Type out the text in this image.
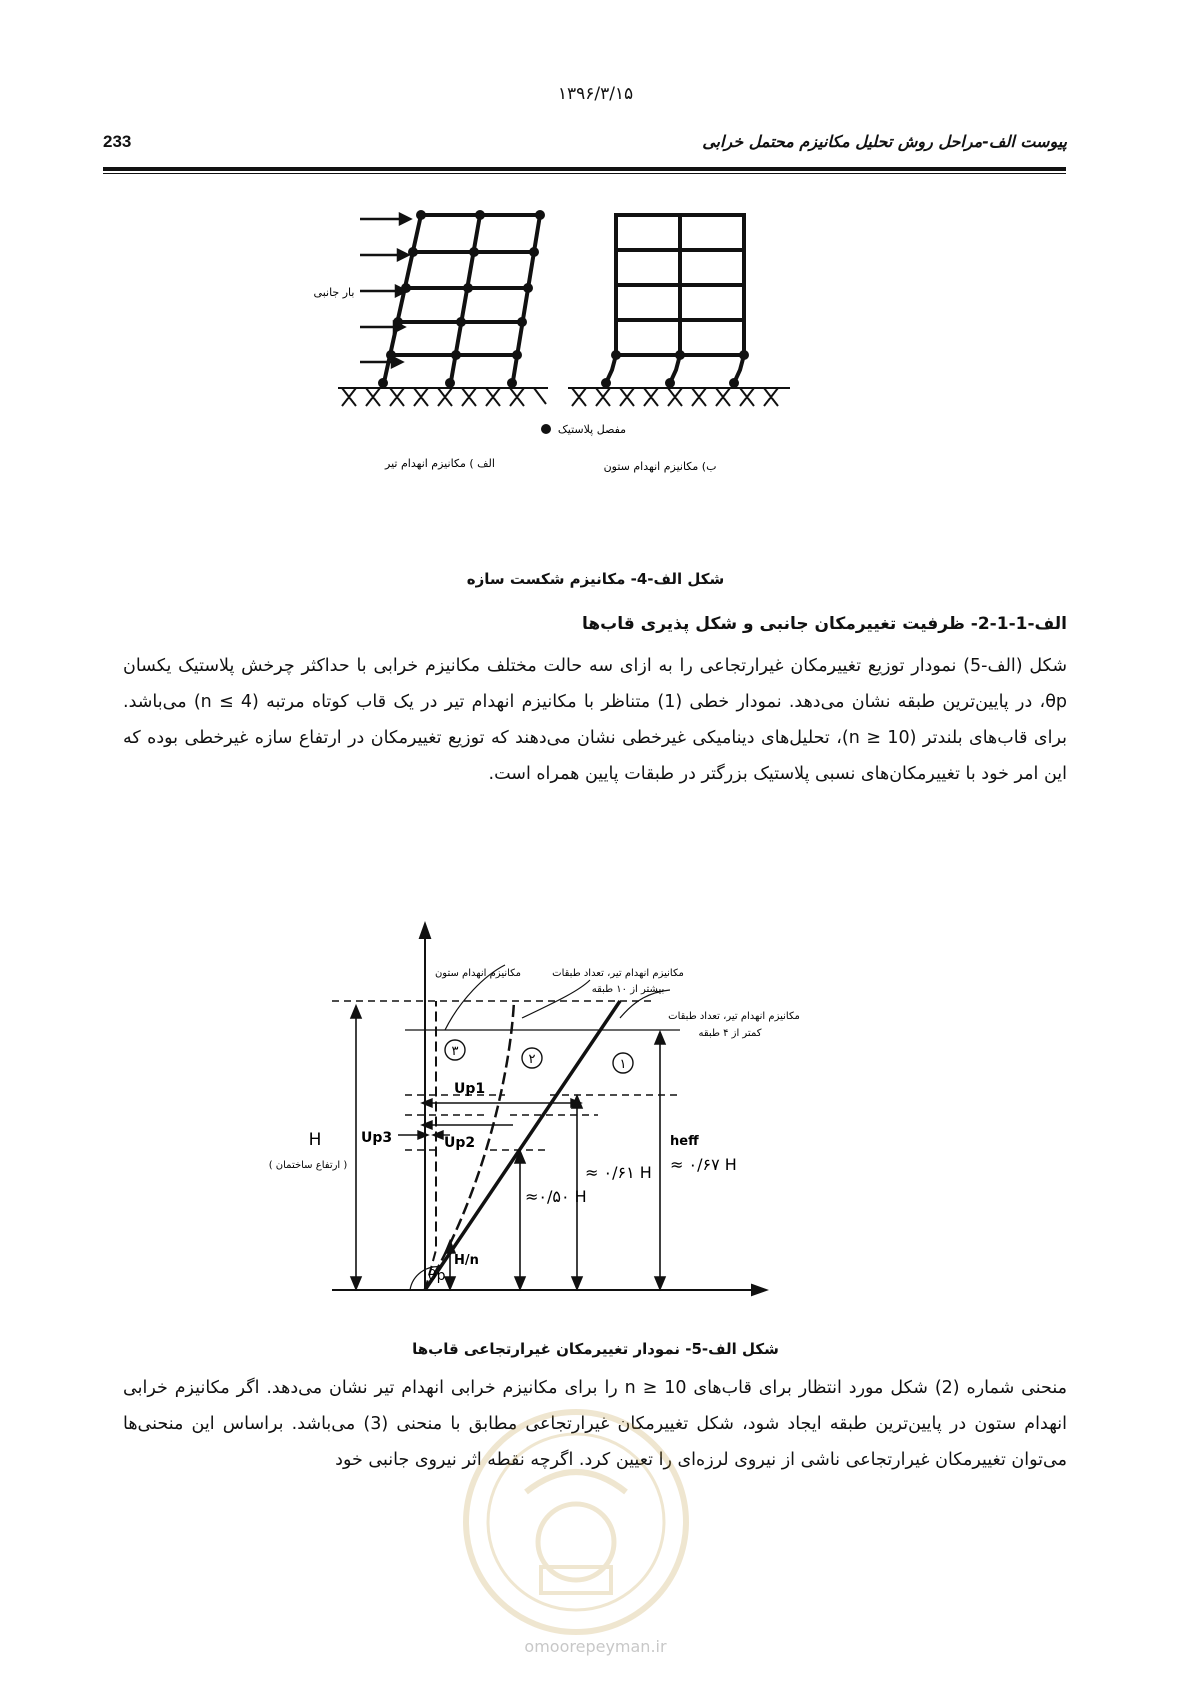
۱۳۹۶/۳/۱۵
233	پیوست الف-مراحل روش تحلیل مکانیزم محتمل خرابی
بار جانبی
مفصل پلاستیک
الف ) مکانیزم انهدام تیر	ب) مکانیزم انهدام ستون
شکل الف-4- مکانیزم شکست سازه
الف-1-1-2- ظرفیت تغییرمکان جانبی و شکل پذیری قاب‌ها
شکل (الف-5) نمودار توزیع تغییرمکان غیرارتجاعی را به ازای سه حالت مختلف مکانیزم خرابی با حداکثر چرخش پلاستیک یکسان θp، در پایین‌ترین طبقه نشان می‌دهد. نمودار خطی (1) متناظر با مکانیزم انهدام تیر در یک قاب کوتاه مرتبه (n ≤ 4) می‌باشد. برای قاب‌های بلندتر (n ≥ 10)، تحلیل‌های دینامیکی غیرخطی نشان می‌دهند که توزیع تغییرمکان در ارتفاع سازه غیرخطی بوده که این امر خود با تغییرمکان‌های نسبی پلاستیک بزرگتر در طبقات پایین همراه است.
H
( ارتفاع ساختمان )
۳
۲	۱
مکانیزم انهدام ستون	مکانیزم انهدام تیر، تعداد طبقات
بیشتر از ۱۰ طبقه
مکانیزم انهدام تیر، تعداد طبقات
کمتر از ۴ طبقه
Up1
Up2
Up3	heff
≈ ۰/۶۷ H
≈ ۰/۶۱ H
≈۰/۵۰ H
H/n
θp
شکل الف-5- نمودار تغییرمکان غیرارتجاعی قاب‌ها
منحنی شماره (2) شکل مورد انتظار برای قاب‌های n ≥ 10 را برای مکانیزم خرابی انهدام تیر نشان می‌دهد. اگر مکانیزم خرابی انهدام ستون در پایین‌ترین طبقه ایجاد شود، شکل تغییرمکان غیرارتجاعی مطابق با منحنی (3) می‌باشد. براساس این منحنی‌ها می‌توان تغییرمکان غیرارتجاعی ناشی از نیروی لرزه‌ای را تعیین کرد. اگرچه نقطه اثر نیروی جانبی خود
omoorepeyman.ir
